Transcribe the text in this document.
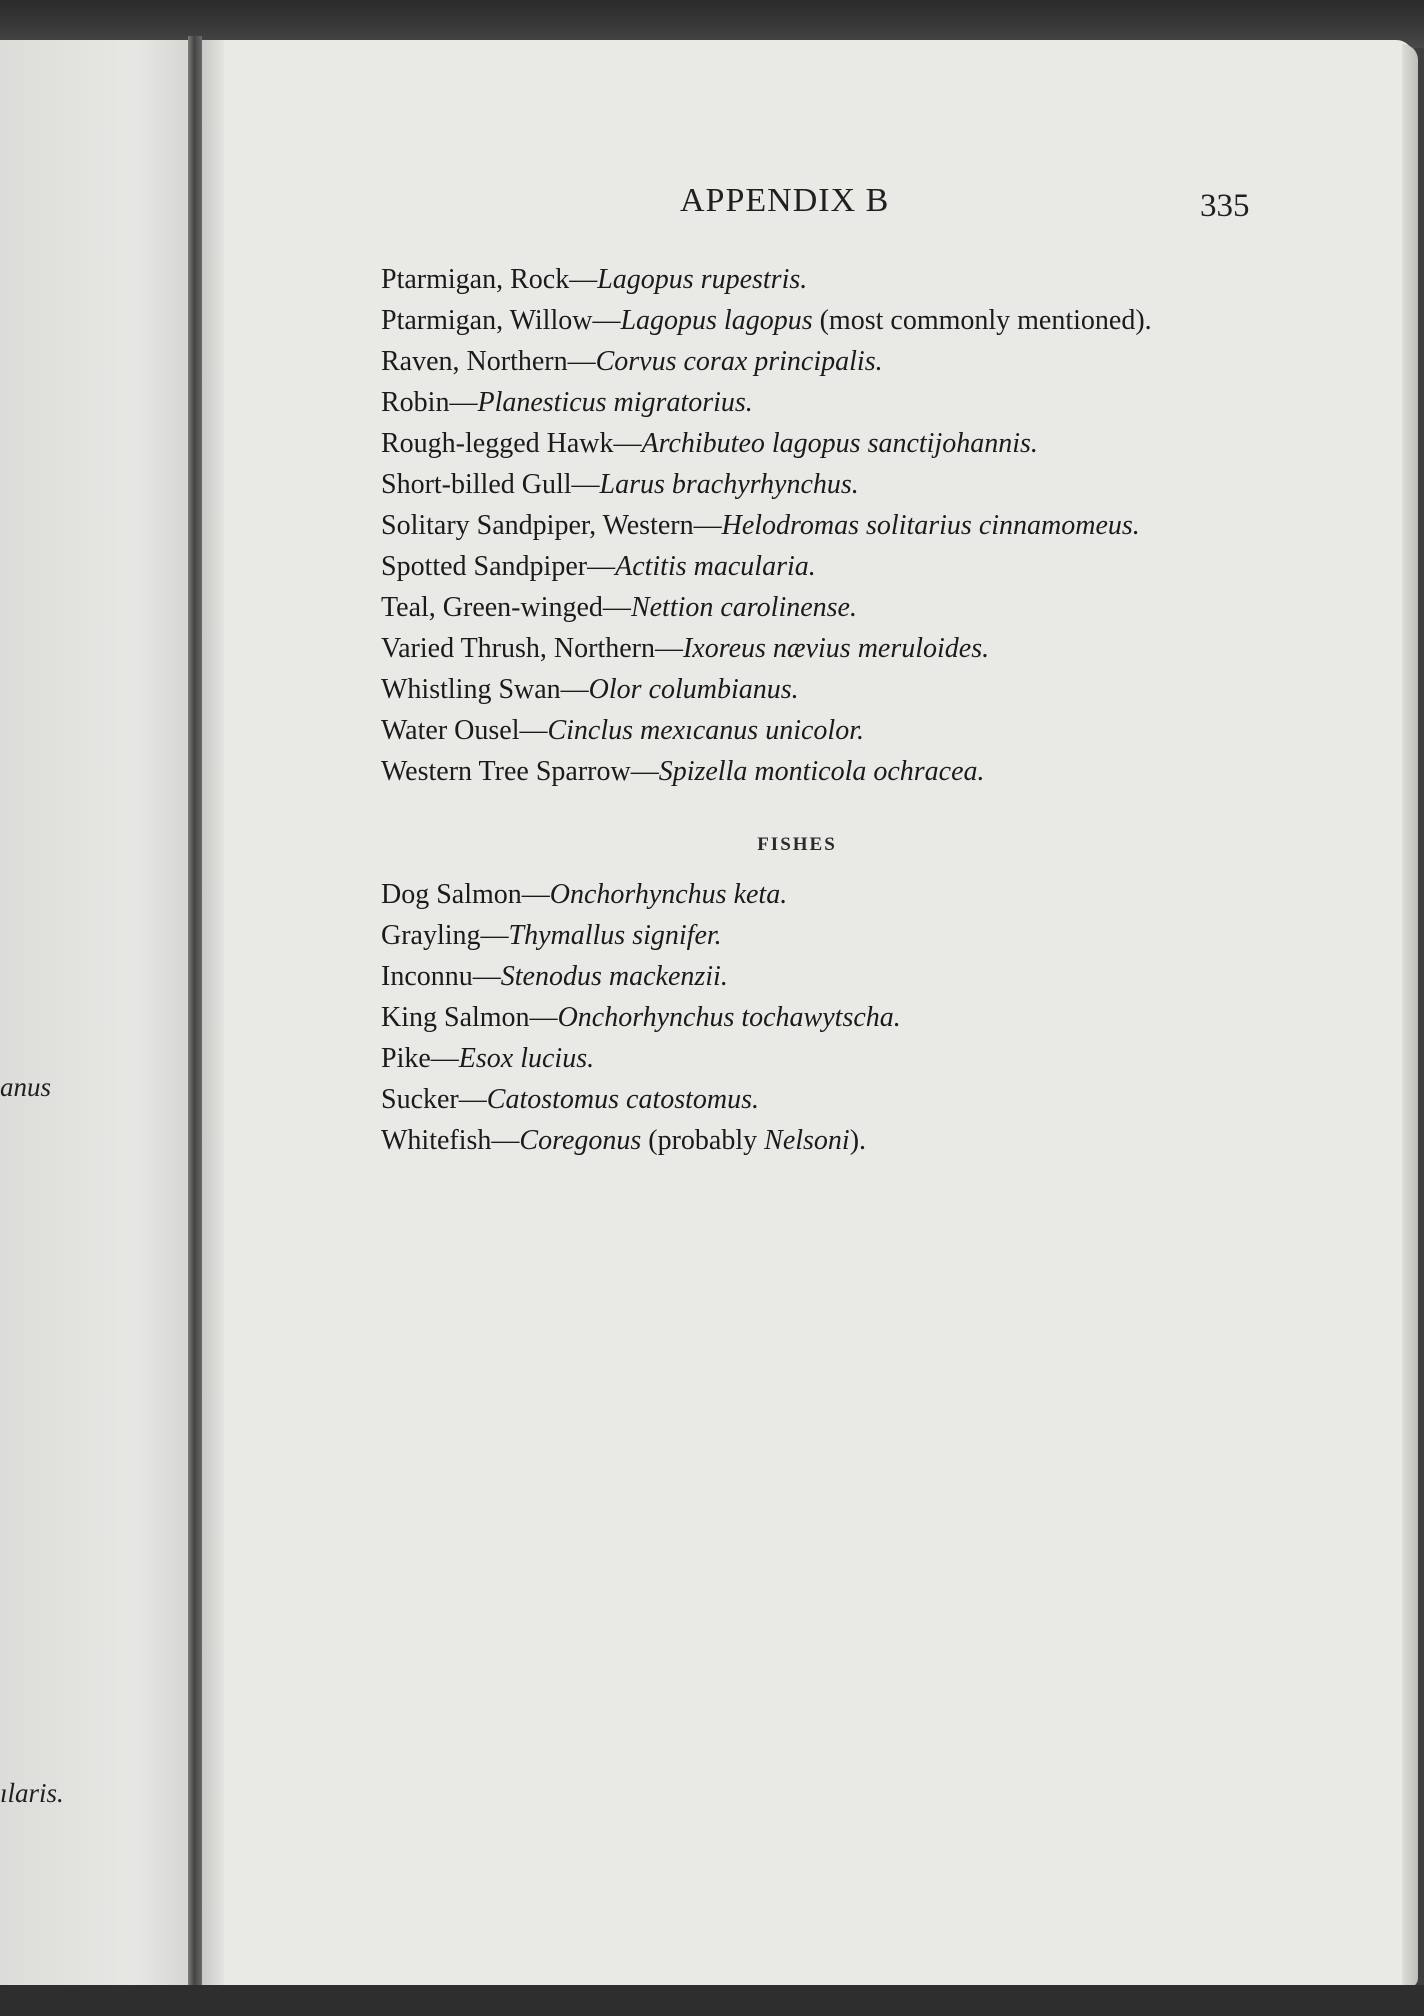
anus
ılaris.
APPENDIX B	335
Ptarmigan, Rock—Lagopus rupestris.
Ptarmigan, Willow—Lagopus lagopus (most commonly mentioned).
Raven, Northern—Corvus corax principalis.
Robin—Planesticus migratorius.
Rough-legged Hawk—Archibuteo lagopus sanctijohannis.
Short-billed Gull—Larus brachyrhynchus.
Solitary Sandpiper, Western—Helodromas solitarius cinnamomeus.
Spotted Sandpiper—Actitis macularia.
Teal, Green-winged—Nettion carolinense.
Varied Thrush, Northern—Ixoreus nævius meruloides.
Whistling Swan—Olor columbianus.
Water Ousel—Cinclus mexıcanus unicolor.
Western Tree Sparrow—Spizella monticola ochracea.
FISHES
Dog Salmon—Onchorhynchus keta.
Grayling—Thymallus signifer.
Inconnu—Stenodus mackenzii.
King Salmon—Onchorhynchus tochawytscha.
Pike—Esox lucius.
Sucker—Catostomus catostomus.
Whitefish—Coregonus (probably Nelsoni).
